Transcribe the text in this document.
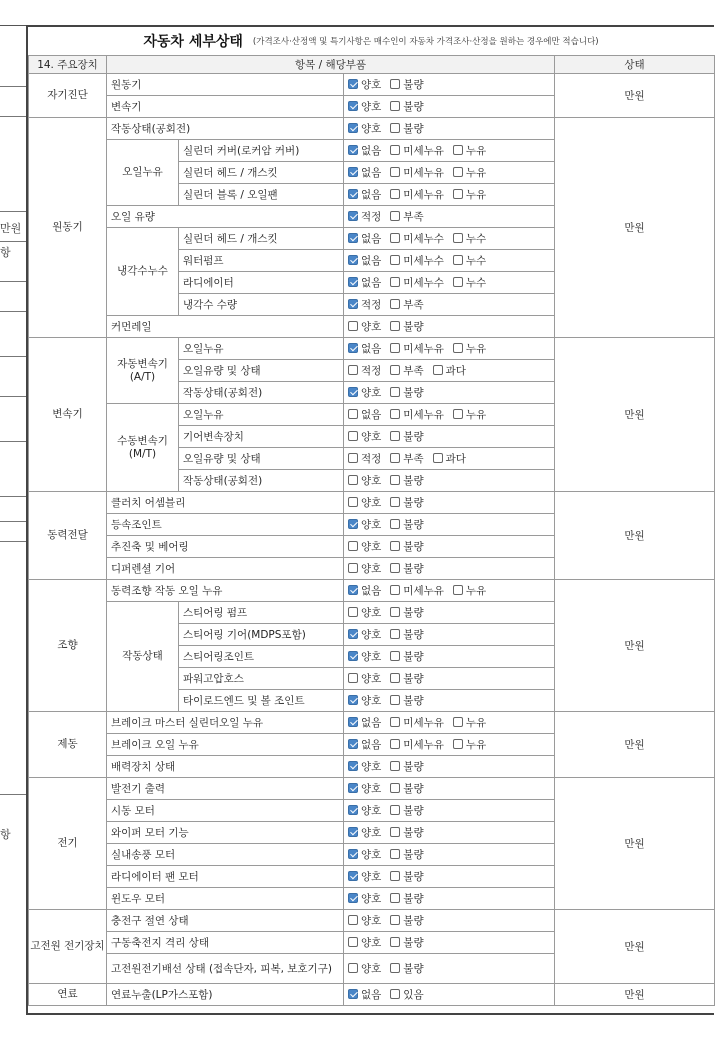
만원
항
항
자동차 세부상태 (가격조사·산정액 및 특기사항은 매수인이 자동차 가격조사·산정을 원하는 경우에만 적습니다)
14. 주요장치	항목 / 해당부품			상태	
자기진단	원동기		양호 불량	만원	
	변속기		양호 불량		

원동기	작동상태(공회전)		양호 불량	만원	
	오일누유	실린더 커버(로커암 커버)	없음 미세누유 누유		

		실린더 헤드 / 개스킷	없음 미세누유 누유		

		실린더 블록 / 오일팬	없음 미세누유 누유		

	오일 유량		적정 부족		

	냉각수누수	실린더 헤드 / 개스킷	없음 미세누수 누수		

		워터펌프	없음 미세누수 누수		

		라디에이터	없음 미세누수 누수		

		냉각수 수량	적정 부족		

	커먼레일		양호 불량		

변속기	자동변속기 (A/T)	오일누유	없음 미세누유 누유	만원	
		오일유량 및 상태	적정 부족 과다		

		작동상태(공회전)	양호 불량		

	수동변속기 (M/T)	오일누유	없음 미세누유 누유		

		기어변속장치	양호 불량		

		오일유량 및 상태	적정 부족 과다		

		작동상태(공회전)	양호 불량		

동력전달	클러치 어셈블리		양호 불량	만원	
	등속조인트		양호 불량		

	추진축 및 베어링		양호 불량		

	디퍼렌셜 기어		양호 불량		

조향	동력조향 작동 오일 누유		없음 미세누유 누유	만원	
	작동상태	스티어링 펌프	양호 불량		

		스티어링 기어(MDPS포함)	양호 불량		

		스티어링조인트	양호 불량		

		파워고압호스	양호 불량		

		타이로드엔드 및 볼 조인트	양호 불량		

제동	브레이크 마스터 실린더오일 누유		없음 미세누유 누유	만원	
	브레이크 오일 누유		없음 미세누유 누유		

	배력장치 상태		양호 불량		

전기	발전기 출력		양호 불량	만원	
	시동 모터		양호 불량		

	와이퍼 모터 기능		양호 불량		

	실내송풍 모터		양호 불량		

	라디에이터 팬 모터		양호 불량		

	윈도우 모터		양호 불량		

고전원 전기장치	충전구 절연 상태		양호 불량	만원	
	구동축전지 격리 상태		양호 불량		

	고전원전기배선 상태 (접속단자, 피복, 보호기구)		양호 불량		

연료	연료누출(LP가스포함)		없음 있음	만원	
